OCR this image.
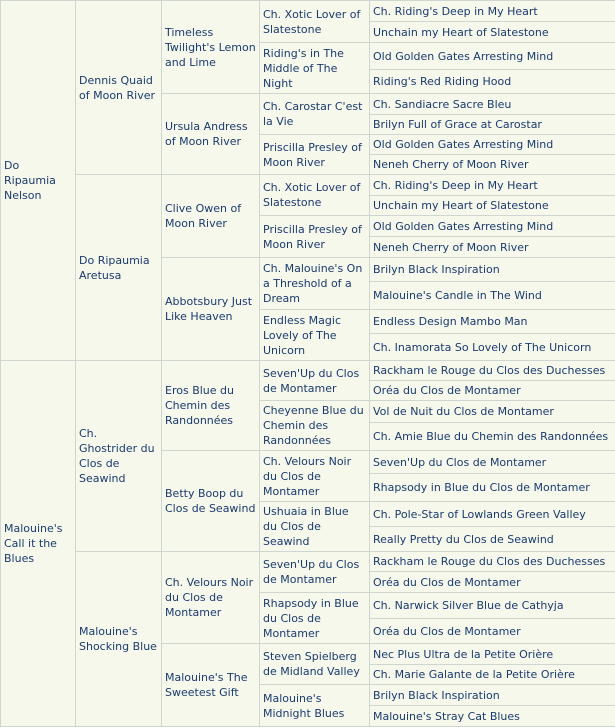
Do Ripaumia Nelson	Dennis Quaid of Moon River	Timeless Twilight's Lemon and Lime	Ch. Xotic Lover of Slatestone	Ch. Riding's Deep in My Heart
				Unchain my Heart of Slatestone
			Riding's in The Middle of The Night	Old Golden Gates Arresting Mind
				Riding's Red Riding Hood
		Ursula Andress of Moon River	Ch. Carostar C'est la Vie	Ch. Sandiacre Sacre Bleu
				Brilyn Full of Grace at Carostar
			Priscilla Presley of Moon River	Old Golden Gates Arresting Mind
				Neneh Cherry of Moon River
	Do Ripaumia Aretusa	Clive Owen of Moon River	Ch. Xotic Lover of Slatestone	Ch. Riding's Deep in My Heart
				Unchain my Heart of Slatestone
			Priscilla Presley of Moon River	Old Golden Gates Arresting Mind
				Neneh Cherry of Moon River
		Abbotsbury Just Like Heaven	Ch. Malouine's On a Threshold of a Dream	Brilyn Black Inspiration
				Malouine's Candle in The Wind
			Endless Magic Lovely of The Unicorn	Endless Design Mambo Man
				Ch. Inamorata So Lovely of The Unicorn
Malouine's Call it the Blues	Ch. Ghostrider du Clos de Seawind	Eros Blue du Chemin des Randonnées	Seven'Up du Clos de Montamer	Rackham le Rouge du Clos des Duchesses
				Oréa du Clos de Montamer
			Cheyenne Blue du Chemin des Randonnées	Vol de Nuit du Clos de Montamer
				Ch. Amie Blue du Chemin des Randonnées
		Betty Boop du Clos de Seawind	Ch. Velours Noir du Clos de Montamer	Seven'Up du Clos de Montamer
				Rhapsody in Blue du Clos de Montamer
			Ushuaia in Blue du Clos de Seawind	Ch. Pole-Star of Lowlands Green Valley
				Really Pretty du Clos de Seawind
	Malouine's Shocking Blue	Ch. Velours Noir du Clos de Montamer	Seven'Up du Clos de Montamer	Rackham le Rouge du Clos des Duchesses
				Oréa du Clos de Montamer
			Rhapsody in Blue du Clos de Montamer	Ch. Narwick Silver Blue de Cathyja
				Oréa du Clos de Montamer
		Malouine's The Sweetest Gift	Steven Spielberg de Midland Valley	Nec Plus Ultra de la Petite Orière
				Ch. Marie Galante de la Petite Orière
			Malouine's Midnight Blues	Brilyn Black Inspiration
				Malouine's Stray Cat Blues
